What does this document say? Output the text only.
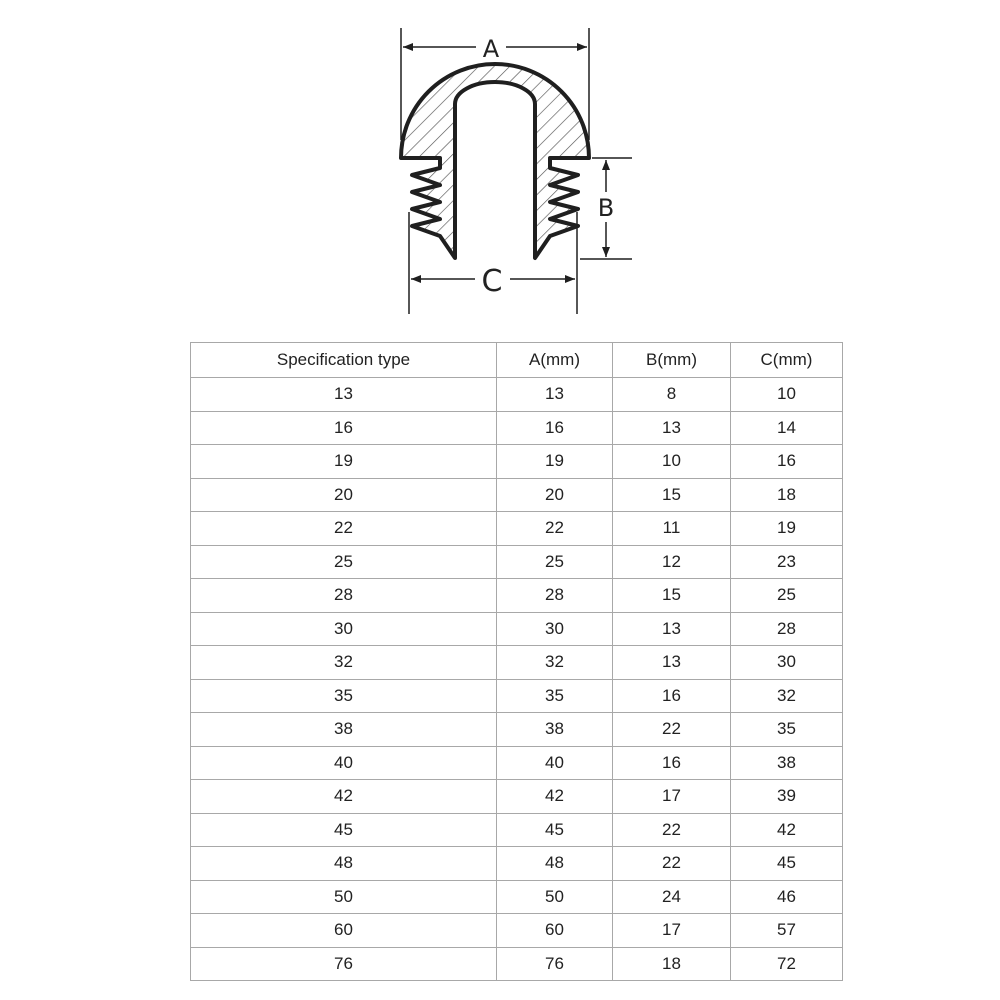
A
B
C
Specification type	A(mm)	B(mm)	C(mm)
13	13	8	10
16	16	13	14
19	19	10	16
20	20	15	18
22	22	11	19
25	25	12	23
28	28	15	25
30	30	13	28
32	32	13	30
35	35	16	32
38	38	22	35
40	40	16	38
42	42	17	39
45	45	22	42
48	48	22	45
50	50	24	46
60	60	17	57
76	76	18	72
